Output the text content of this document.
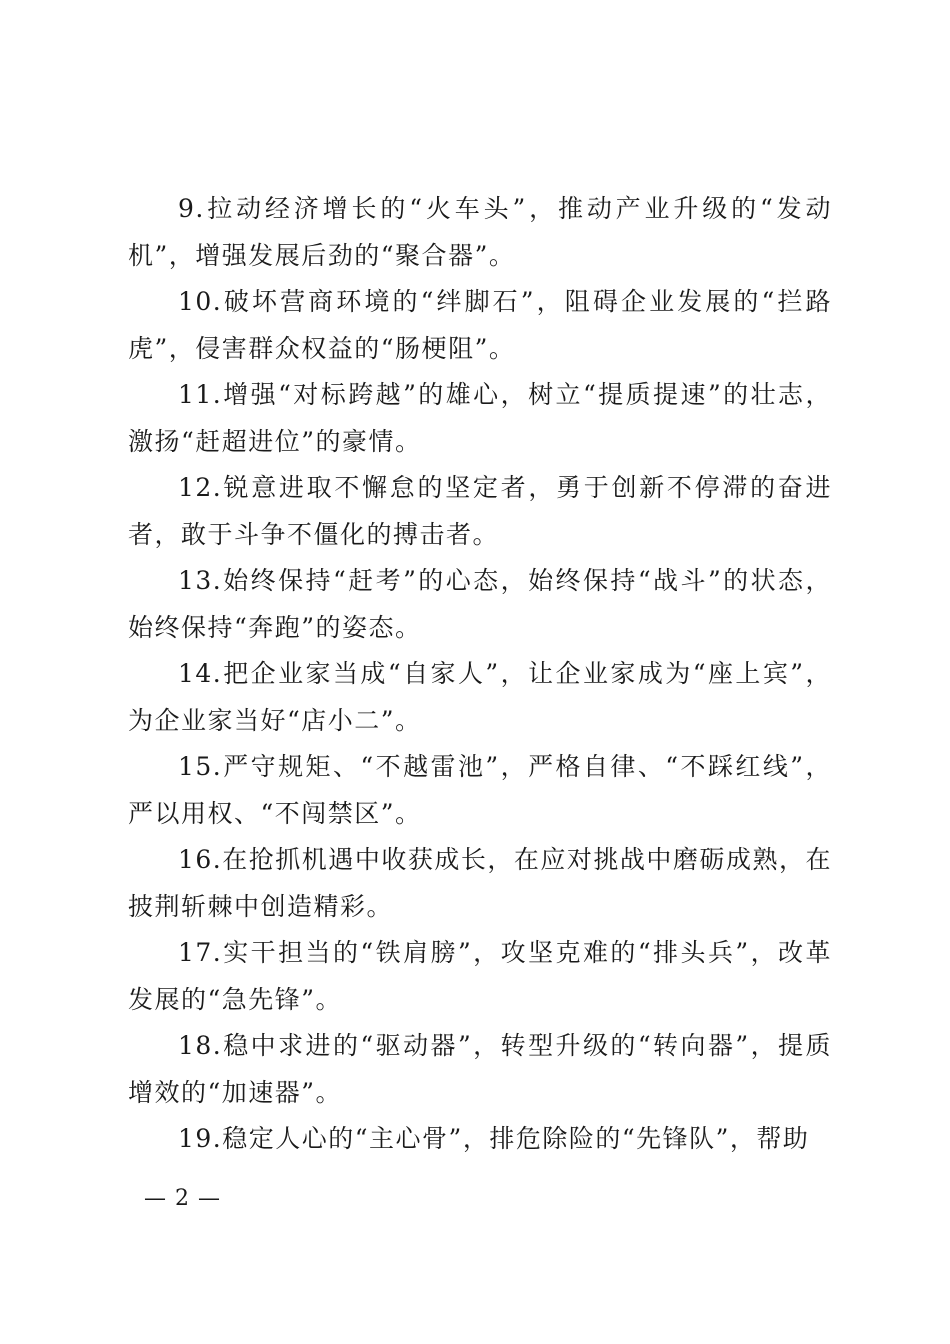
9.拉动经济增长的“火车头”，推动产业升级的“发动机”，增强发展后劲的“聚合器”。

10.破坏营商环境的“绊脚石”，阻碍企业发展的“拦路虎”，侵害群众权益的“肠梗阻”。

11.增强“对标跨越”的雄心，树立“提质提速”的壮志，激扬“赶超进位”的豪情。

12.锐意进取不懈怠的坚定者，勇于创新不停滞的奋进者，敢于斗争不僵化的搏击者。

13.始终保持“赶考”的心态，始终保持“战斗”的状态，始终保持“奔跑”的姿态。

14.把企业家当成“自家人”，让企业家成为“座上宾”，为企业家当好“店小二”。

15.严守规矩、“不越雷池”，严格自律、“不踩红线”，严以用权、“不闯禁区”。

16.在抢抓机遇中收获成长，在应对挑战中磨砺成熟，在披荆斩棘中创造精彩。

17.实干担当的“铁肩膀”，攻坚克难的“排头兵”，改革发展的“急先锋”。

18.稳中求进的“驱动器”，转型升级的“转向器”，提质增效的“加速器”。

19.稳定人心的“主心骨”，排危除险的“先锋队”，帮助

— 2 —
